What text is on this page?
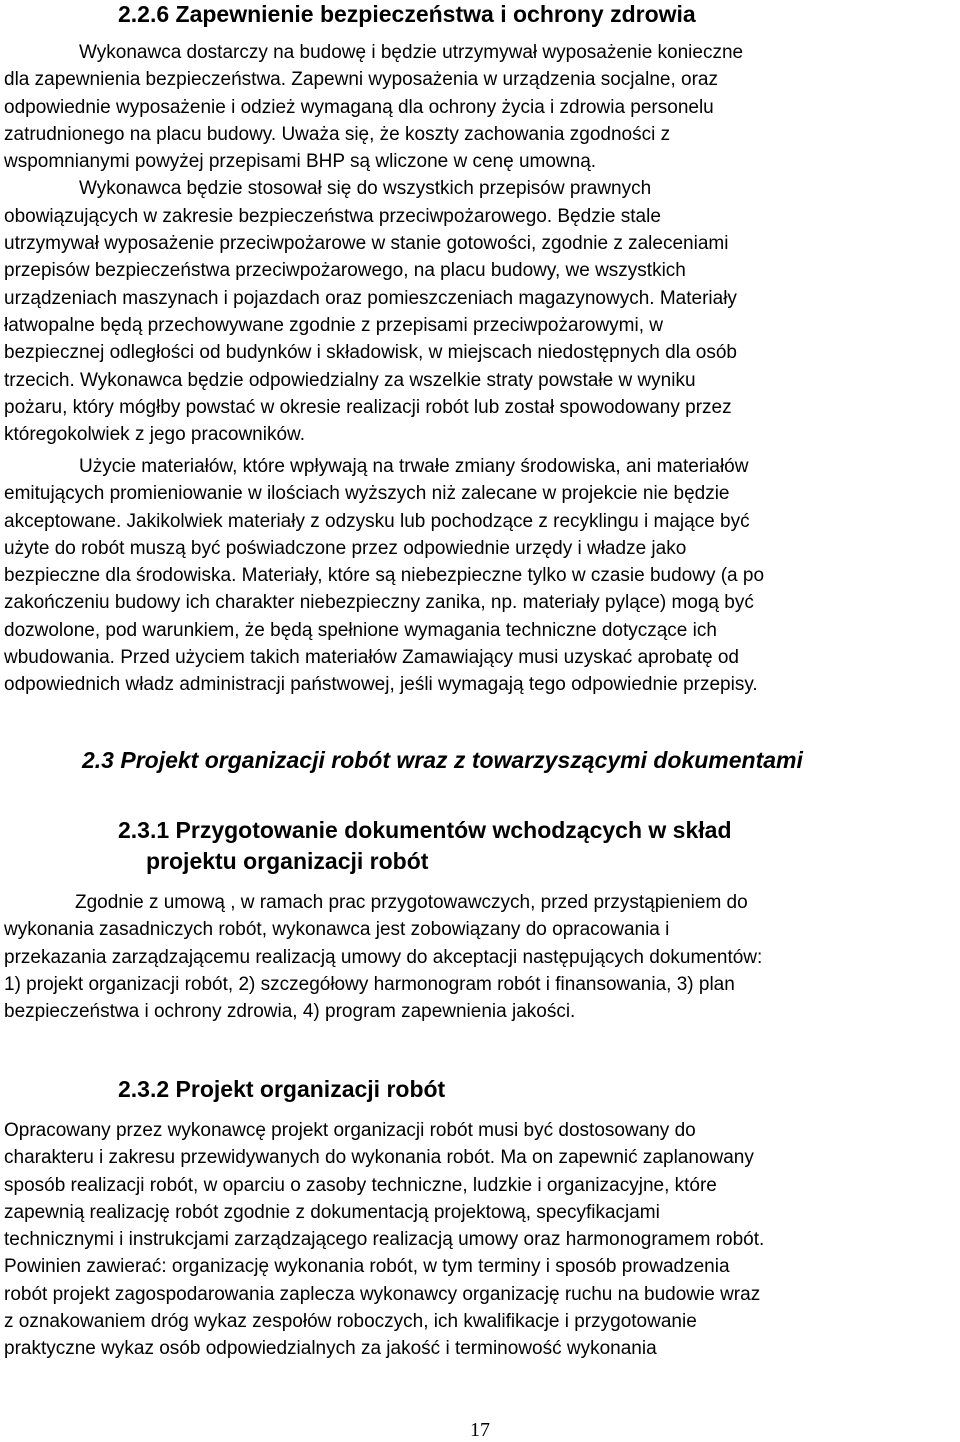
2.2.6 Zapewnienie bezpieczeństwa i ochrony zdrowia
Wykonawca dostarczy na budowę i będzie utrzymywał wyposażenie konieczne
dla zapewnienia bezpieczeństwa. Zapewni wyposażenia w urządzenia socjalne, oraz
odpowiednie wyposażenie i odzież wymaganą dla ochrony życia i zdrowia personelu
zatrudnionego na placu budowy. Uważa się, że koszty zachowania zgodności z
wspomnianymi powyżej przepisami BHP są wliczone w cenę umowną.
Wykonawca będzie stosował się do wszystkich przepisów prawnych
obowiązujących w zakresie bezpieczeństwa przeciwpożarowego. Będzie stale
utrzymywał wyposażenie przeciwpożarowe w stanie gotowości, zgodnie z zaleceniami
przepisów bezpieczeństwa przeciwpożarowego, na placu budowy, we wszystkich
urządzeniach maszynach i pojazdach oraz pomieszczeniach magazynowych. Materiały
łatwopalne będą przechowywane zgodnie z przepisami przeciwpożarowymi, w
bezpiecznej odległości od budynków i składowisk, w miejscach niedostępnych dla osób
trzecich. Wykonawca będzie odpowiedzialny za wszelkie straty powstałe w wyniku
pożaru, który mógłby powstać w okresie realizacji robót lub został spowodowany przez
któregokolwiek z jego pracowników.
Użycie materiałów, które wpływają na trwałe zmiany środowiska, ani materiałów
emitujących promieniowanie w ilościach wyższych niż zalecane w projekcie nie będzie
akceptowane. Jakikolwiek materiały z odzysku lub pochodzące z recyklingu i mające być
użyte do robót muszą być poświadczone przez odpowiednie urzędy i władze jako
bezpieczne dla środowiska. Materiały, które są niebezpieczne tylko w czasie budowy (a po
zakończeniu budowy ich charakter niebezpieczny zanika, np. materiały pylące) mogą być
dozwolone, pod warunkiem, że będą spełnione wymagania techniczne dotyczące ich
wbudowania. Przed użyciem takich materiałów Zamawiający musi uzyskać aprobatę od
odpowiednich władz administracji państwowej, jeśli wymagają tego odpowiednie przepisy.
2.3 Projekt organizacji robót wraz z towarzyszącymi dokumentami
2.3.1 Przygotowanie dokumentów wchodzących w skład
projektu organizacji robót
Zgodnie z umową , w ramach prac przygotowawczych, przed przystąpieniem do
wykonania zasadniczych robót, wykonawca jest zobowiązany do opracowania i
przekazania zarządzającemu realizacją umowy do akceptacji następujących dokumentów:
1) projekt organizacji robót, 2) szczegółowy harmonogram robót i finansowania, 3) plan
bezpieczeństwa i ochrony zdrowia, 4) program zapewnienia jakości.
2.3.2 Projekt organizacji robót
Opracowany przez wykonawcę projekt organizacji robót musi być dostosowany do
charakteru i zakresu przewidywanych do wykonania robót. Ma on zapewnić zaplanowany
sposób realizacji robót, w oparciu o zasoby techniczne, ludzkie i organizacyjne, które
zapewnią realizację robót zgodnie z dokumentacją projektową, specyfikacjami
technicznymi i instrukcjami zarządzającego realizacją umowy oraz harmonogramem robót.
Powinien zawierać: organizację wykonania robót, w tym terminy i sposób prowadzenia
robót projekt zagospodarowania zaplecza wykonawcy organizację ruchu na budowie wraz
z oznakowaniem dróg wykaz zespołów roboczych, ich kwalifikacje i przygotowanie
praktyczne wykaz osób odpowiedzialnych za jakość i terminowość wykonania

17
